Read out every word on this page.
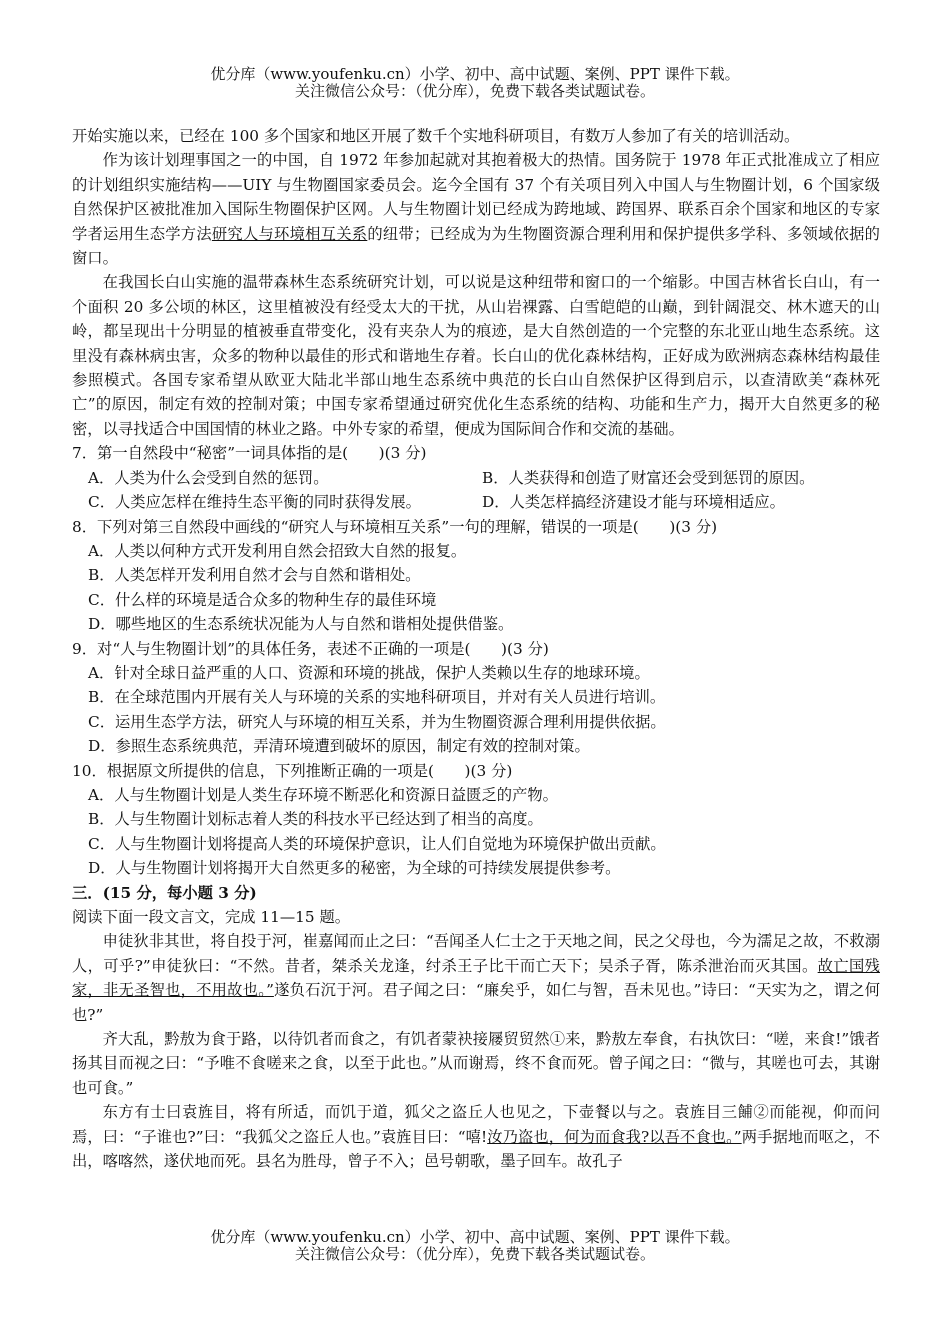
优分库（www.youfenku.cn）小学、初中、高中试题、案例、PPT 课件下载。
关注微信公众号：（优分库），免费下载各类试题试卷。

开始实施以来，已经在 100 多个国家和地区开展了数千个实地科研项目，有数万人参加了有关的培训活动。

作为该计划理事国之一的中国，自 1972 年参加起就对其抱着极大的热情。国务院于 1978 年正式批准成立了相应的计划组织实施结构——UIY 与生物圈国家委员会。迄今全国有 37 个有关项目列入中国人与生物圈计划，6 个国家级自然保护区被批准加入国际生物圈保护区网。人与生物圈计划已经成为跨地域、跨国界、联系百余个国家和地区的专家学者运用生态学方法研究人与环境相互关系的纽带；已经成为为生物圈资源合理利用和保护提供多学科、多领域依据的窗口。

在我国长白山实施的温带森林生态系统研究计划，可以说是这种纽带和窗口的一个缩影。中国吉林省长白山，有一个面积 20 多公顷的林区，这里植被没有经受太大的干扰，从山岩裸露、白雪皑皑的山巅，到针阔混交、林木遮天的山岭，都呈现出十分明显的植被垂直带变化，没有夹杂人为的痕迹，是大自然创造的一个完整的东北亚山地生态系统。这里没有森林病虫害，众多的物种以最佳的形式和谐地生存着。长白山的优化森林结构，正好成为欧洲病态森林结构最佳参照模式。各国专家希望从欧亚大陆北半部山地生态系统中典范的长白山自然保护区得到启示，以查清欧美“森林死亡”的原因，制定有效的控制对策；中国专家希望通过研究优化生态系统的结构、功能和生产力，揭开大自然更多的秘密，以寻找适合中国国情的林业之路。中外专家的希望，便成为国际间合作和交流的基础。

7．第一自然段中“秘密”一词具体指的是(　　)(3 分)

A．人类为什么会受到自然的惩罚。	B．人类获得和创造了财富还会受到惩罚的原因。
C．人类应怎样在维持生态平衡的同时获得发展。	D．人类怎样搞经济建设才能与环境相适应。

8．下列对第三自然段中画线的“研究人与环境相互关系”一句的理解，错误的一项是(　　)(3 分)

A．人类以何种方式开发利用自然会招致大自然的报复。

B．人类怎样开发利用自然才会与自然和谐相处。

C．什么样的环境是适合众多的物种生存的最佳环境

D．哪些地区的生态系统状况能为人与自然和谐相处提供借鉴。

9．对“人与生物圈计划”的具体任务，表述不正确的一项是(　　)(3 分)

A．针对全球日益严重的人口、资源和环境的挑战，保护人类赖以生存的地球环境。

B．在全球范围内开展有关人与环境的关系的实地科研项目，并对有关人员进行培训。

C．运用生态学方法，研究人与环境的相互关系，并为生物圈资源合理利用提供依据。

D．参照生态系统典范，弄清环境遭到破坏的原因，制定有效的控制对策。

10．根据原文所提供的信息，下列推断正确的一项是(　　)(3 分)

A．人与生物圈计划是人类生存环境不断恶化和资源日益匮乏的产物。

B．人与生物圈计划标志着人类的科技水平已经达到了相当的高度。

C．人与生物圈计划将提高人类的环境保护意识，让人们自觉地为环境保护做出贡献。

D．人与生物圈计划将揭开大自然更多的秘密，为全球的可持续发展提供参考。

三．(15 分，每小题 3 分)

阅读下面一段文言文，完成 11—15 题。

申徒狄非其世，将自投于河，崔嘉闻而止之曰：“吾闻圣人仁士之于天地之间，民之父母也，今为濡足之故，不救溺人，可乎?”申徒狄曰：“不然。昔者，桀杀关龙逢，纣杀王子比干而亡天下；吴杀子胥，陈杀泄治而灭其国。故亡国残家，非无圣智也，不用故也。”遂负石沉于河。君子闻之曰：“廉矣乎，如仁与智，吾未见也。”诗曰：“天实为之，谓之何也?”

齐大乱，黔敖为食于路，以待饥者而食之，有饥者蒙袂接屦贸贸然①来，黔敖左奉食，右执饮曰：“嗟，来食!”饿者扬其目而视之曰：“予唯不食嗟来之食，以至于此也。”从而谢焉，终不食而死。曾子闻之曰：“微与，其嗟也可去，其谢也可食。”

东方有士曰袁旌目，将有所适，而饥于道，狐父之盗丘人也见之，下壶餐以与之。袁旌目三餔②而能视，仰而问焉，曰：“子谁也?”曰：“我狐父之盗丘人也。”袁旌目曰：“嘻!汝乃盗也，何为而食我?以吾不食也。”两手据地而呕之，不出，喀喀然，遂伏地而死。县名为胜母，曾子不入；邑号朝歌，墨子回车。故孔子

优分库（www.youfenku.cn）小学、初中、高中试题、案例、PPT 课件下载。
关注微信公众号：（优分库），免费下载各类试题试卷。
